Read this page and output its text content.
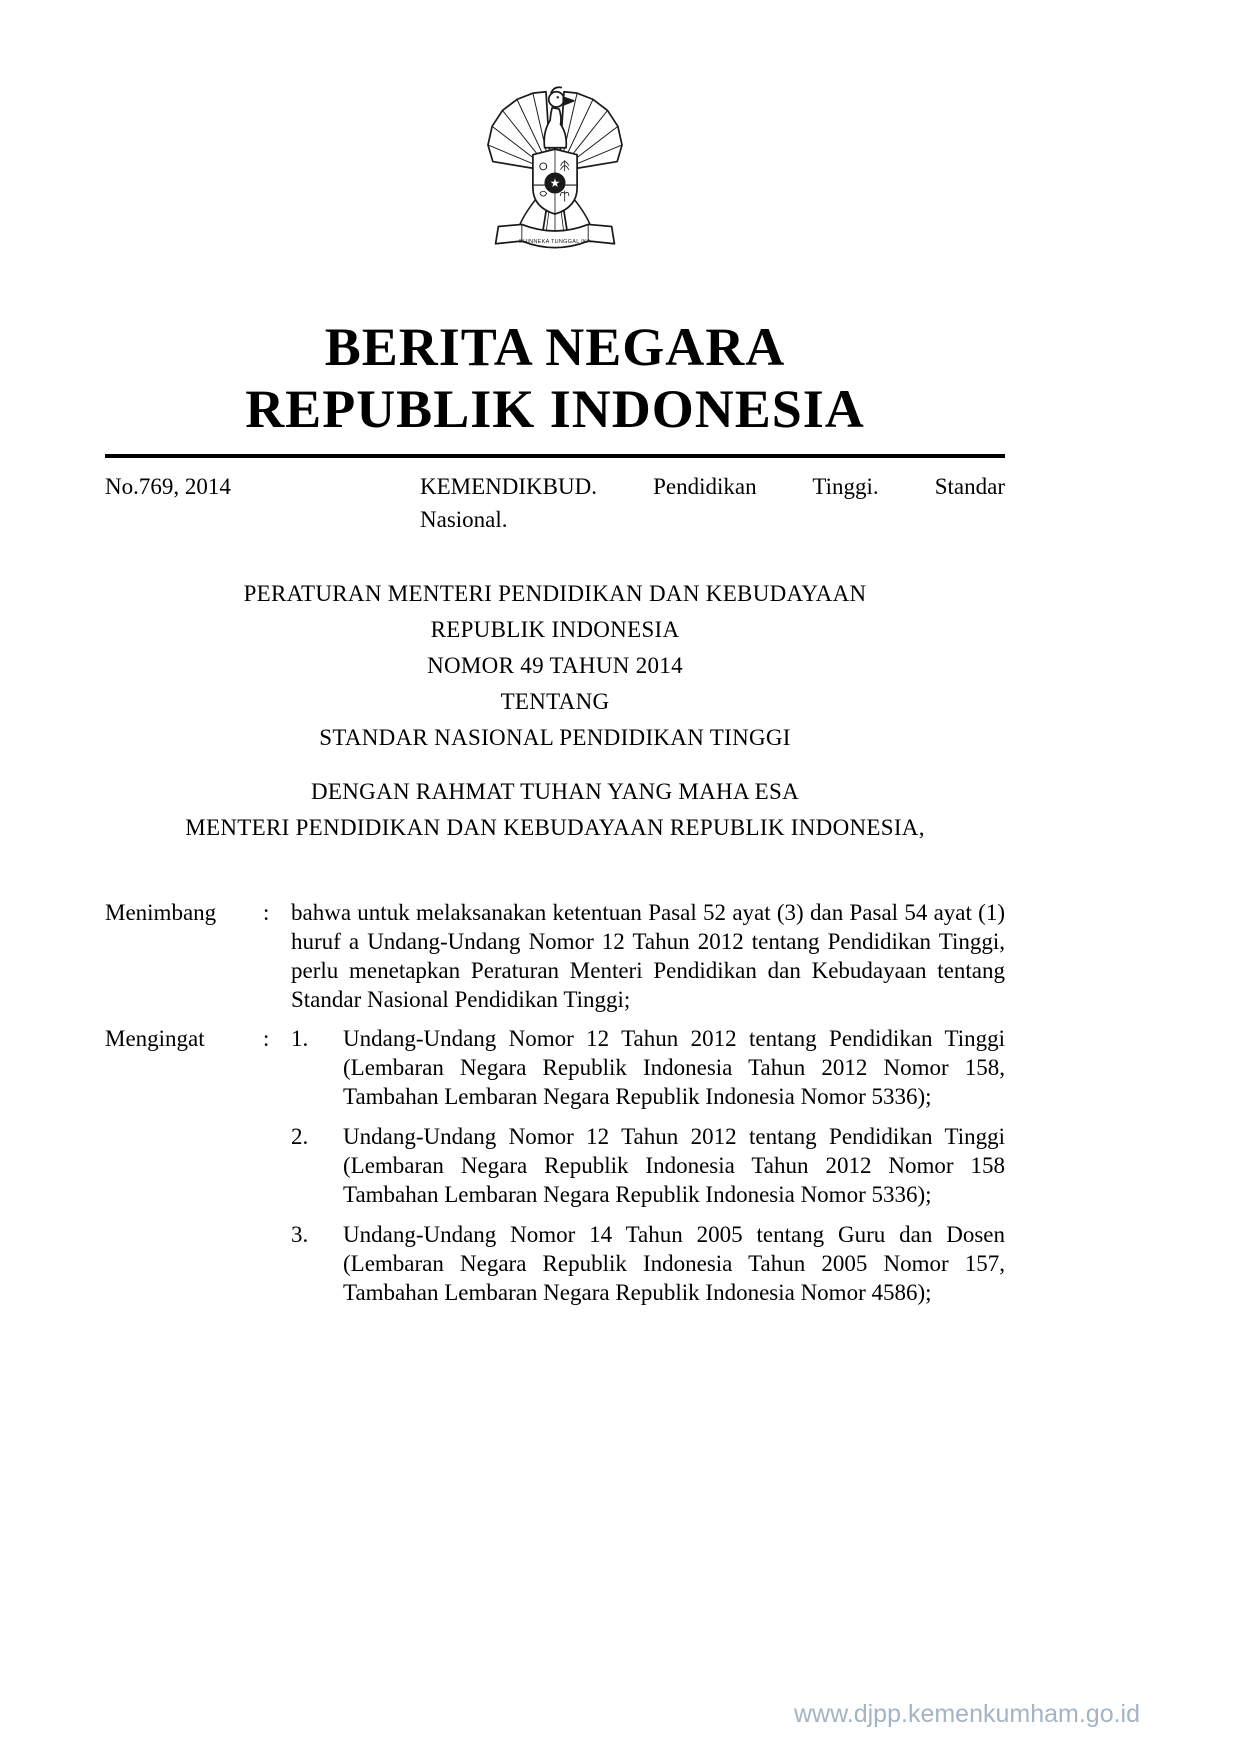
★
BHINNEKA TUNGGAL IKA
BERITA NEGARA
REPUBLIK INDONESIA
No.769, 2014	KEMENDIKBUD. Pendidikan Tinggi. Standar
Nasional.
PERATURAN MENTERI PENDIDIKAN DAN KEBUDAYAAN
REPUBLIK INDONESIA
NOMOR 49 TAHUN 2014
TENTANG
STANDAR NASIONAL PENDIDIKAN TINGGI
DENGAN RAHMAT TUHAN YANG MAHA ESA
MENTERI PENDIDIKAN DAN KEBUDAYAAN REPUBLIK INDONESIA,
Menimbang	: bahwa untuk melaksanakan ketentuan Pasal 52 ayat (3) dan Pasal 54 ayat (1) huruf a Undang-Undang Nomor 12 Tahun 2012 tentang Pendidikan Tinggi, perlu menetapkan Peraturan Menteri Pendidikan dan Kebudayaan tentang Standar Nasional Pendidikan Tinggi;
Mengingat	: 1.	Undang-Undang Nomor 12 Tahun 2012 tentang Pendidikan Tinggi (Lembaran Negara Republik Indonesia Tahun 2012 Nomor 158, Tambahan Lembaran Negara Republik Indonesia Nomor 5336);
2.	Undang-Undang Nomor 12 Tahun 2012 tentang Pendidikan Tinggi (Lembaran Negara Republik Indonesia Tahun 2012 Nomor 158 Tambahan Lembaran Negara Republik Indonesia Nomor 5336);
3.	Undang-Undang Nomor 14 Tahun 2005 tentang Guru dan Dosen (Lembaran Negara Republik Indonesia Tahun 2005 Nomor 157, Tambahan Lembaran Negara Republik Indonesia Nomor 4586);
www.djpp.kemenkumham.go.id
